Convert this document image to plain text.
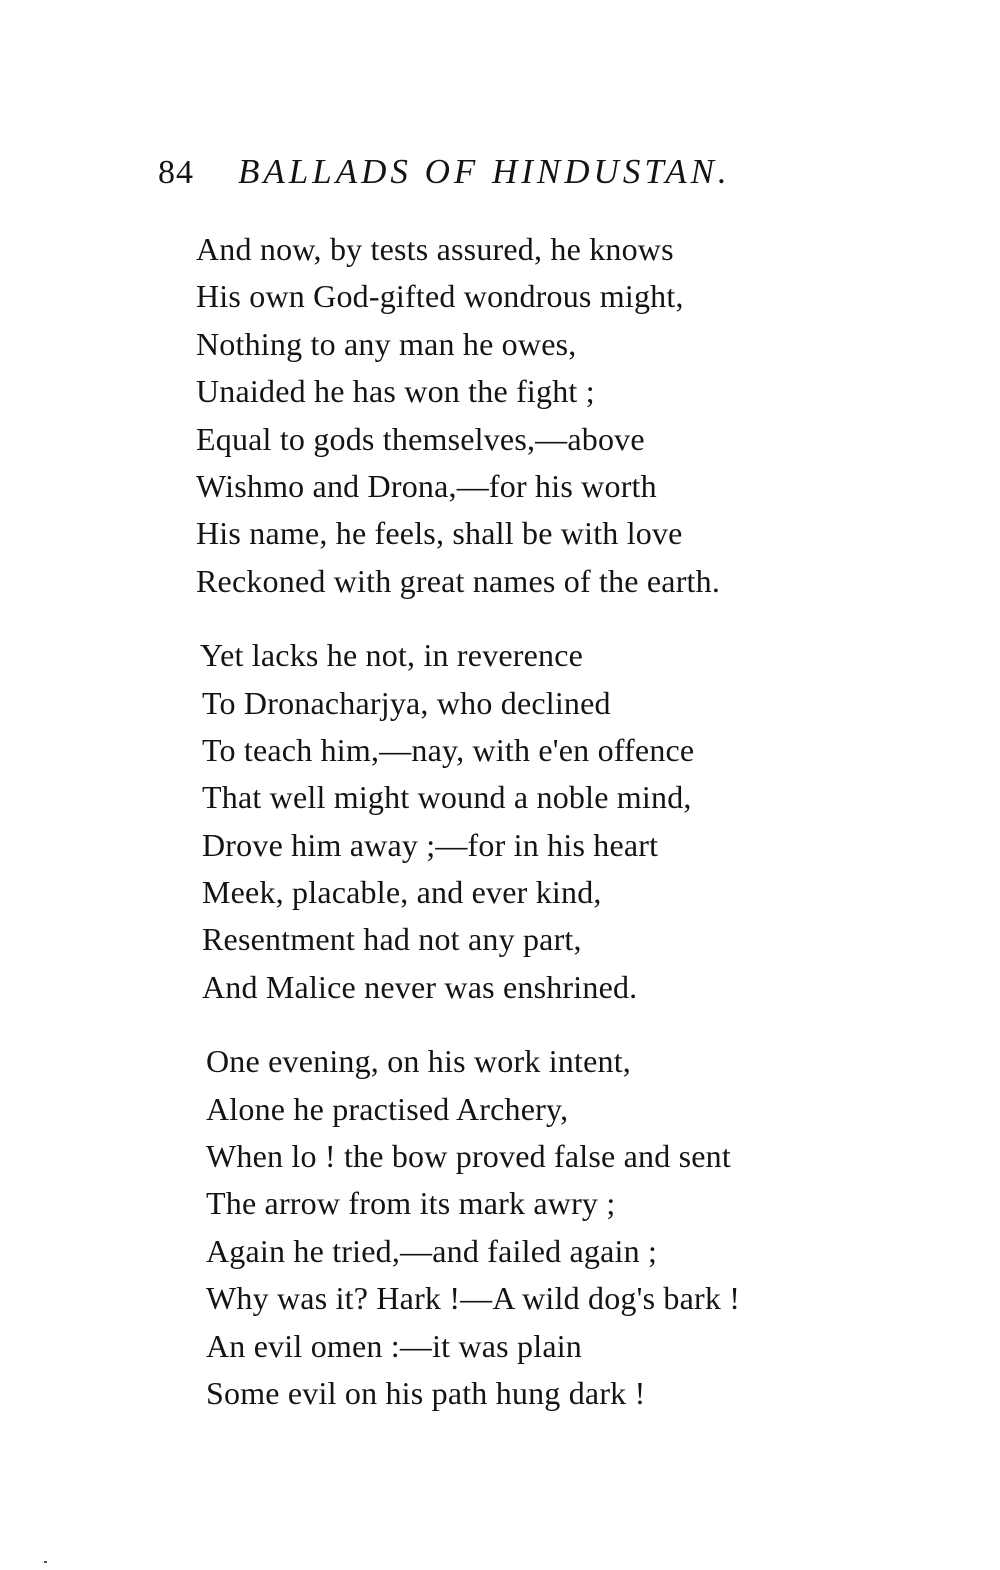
84 BALLADS OF HINDUSTAN.
And now, by tests assured, he knows
His own God-gifted wondrous might,
Nothing to any man he owes,
Unaided he has won the fight ;
Equal to gods themselves,—above
Wishmo and Drona,—for his worth
His name, he feels, shall be with love
Reckoned with great names of the earth.
Yet lacks he not, in reverence
To Dronacharjya, who declined
To teach him,—nay, with e'en offence
That well might wound a noble mind,
Drove him away ;—for in his heart
Meek, placable, and ever kind,
Resentment had not any part,
And Malice never was enshrined.
One evening, on his work intent,
Alone he practised Archery,
When lo ! the bow proved false and sent
The arrow from its mark awry ;
Again he tried,—and failed again ;
Why was it? Hark !—A wild dog's bark !
An evil omen :—it was plain
Some evil on his path hung dark !
